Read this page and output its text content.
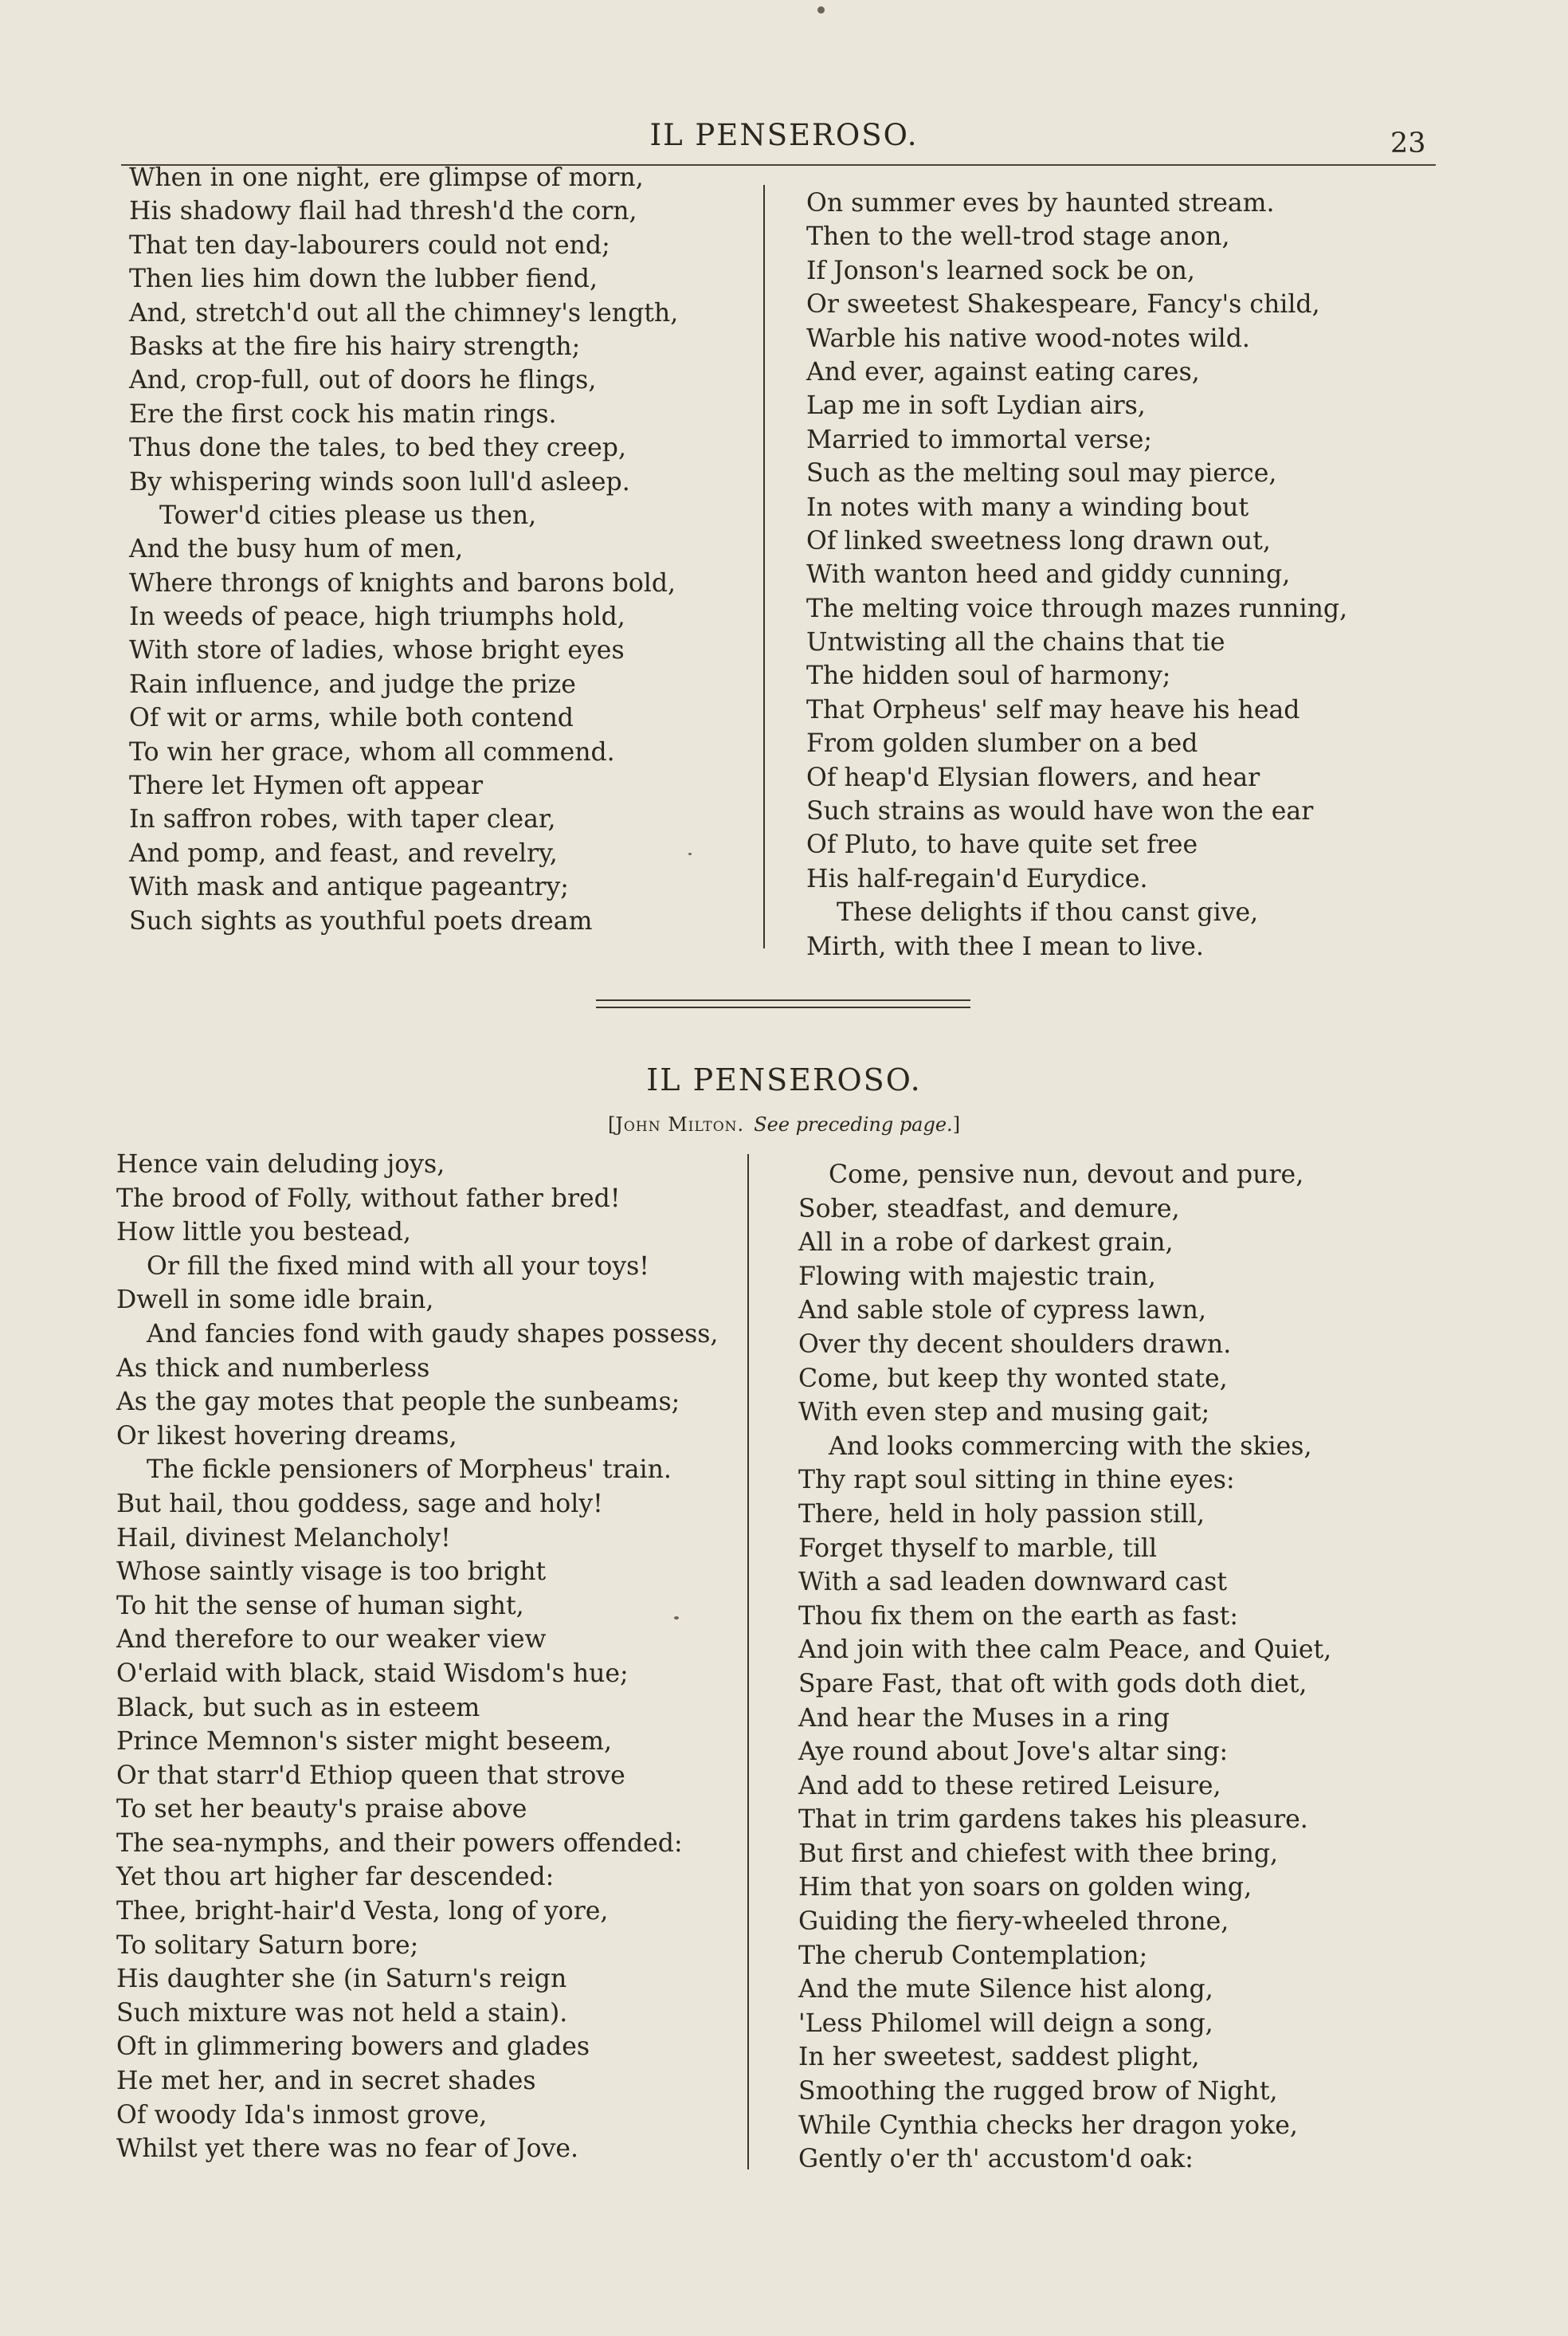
IL PENSEROSO.	23
When in one night, ere glimpse of morn,
His shadowy flail had thresh'd the corn,
That ten day-labourers could not end;
Then lies him down the lubber fiend,
And, stretch'd out all the chimney's length,
Basks at the fire his hairy strength;
And, crop-full, out of doors he flings,
Ere the first cock his matin rings.
Thus done the tales, to bed they creep,
By whispering winds soon lull'd asleep.
Tower'd cities please us then,
And the busy hum of men,
Where throngs of knights and barons bold,
In weeds of peace, high triumphs hold,
With store of ladies, whose bright eyes
Rain influence, and judge the prize
Of wit or arms, while both contend
To win her grace, whom all commend.
There let Hymen oft appear
In saffron robes, with taper clear,
And pomp, and feast, and revelry,
With mask and antique pageantry;
Such sights as youthful poets dream
On summer eves by haunted stream.
Then to the well-trod stage anon,
If Jonson's learned sock be on,
Or sweetest Shakespeare, Fancy's child,
Warble his native wood-notes wild.
And ever, against eating cares,
Lap me in soft Lydian airs,
Married to immortal verse;
Such as the melting soul may pierce,
In notes with many a winding bout
Of linked sweetness long drawn out,
With wanton heed and giddy cunning,
The melting voice through mazes running,
Untwisting all the chains that tie
The hidden soul of harmony;
That Orpheus' self may heave his head
From golden slumber on a bed
Of heap'd Elysian flowers, and hear
Such strains as would have won the ear
Of Pluto, to have quite set free
His half-regain'd Eurydice.
These delights if thou canst give,
Mirth, with thee I mean to live.
IL PENSEROSO.
[John Milton. See preceding page.]
Hence vain deluding joys,
The brood of Folly, without father bred!
How little you bestead,
Or fill the fixed mind with all your toys!
Dwell in some idle brain,
And fancies fond with gaudy shapes possess,
As thick and numberless
As the gay motes that people the sunbeams;
Or likest hovering dreams,
The fickle pensioners of Morpheus' train.
But hail, thou goddess, sage and holy!
Hail, divinest Melancholy!
Whose saintly visage is too bright
To hit the sense of human sight,
And therefore to our weaker view
O'erlaid with black, staid Wisdom's hue;
Black, but such as in esteem
Prince Memnon's sister might beseem,
Or that starr'd Ethiop queen that strove
To set her beauty's praise above
The sea-nymphs, and their powers offended:
Yet thou art higher far descended:
Thee, bright-hair'd Vesta, long of yore,
To solitary Saturn bore;
His daughter she (in Saturn's reign
Such mixture was not held a stain).
Oft in glimmering bowers and glades
He met her, and in secret shades
Of woody Ida's inmost grove,
Whilst yet there was no fear of Jove.
Come, pensive nun, devout and pure,
Sober, steadfast, and demure,
All in a robe of darkest grain,
Flowing with majestic train,
And sable stole of cypress lawn,
Over thy decent shoulders drawn.
Come, but keep thy wonted state,
With even step and musing gait;
And looks commercing with the skies,
Thy rapt soul sitting in thine eyes:
There, held in holy passion still,
Forget thyself to marble, till
With a sad leaden downward cast
Thou fix them on the earth as fast:
And join with thee calm Peace, and Quiet,
Spare Fast, that oft with gods doth diet,
And hear the Muses in a ring
Aye round about Jove's altar sing:
And add to these retired Leisure,
That in trim gardens takes his pleasure.
But first and chiefest with thee bring,
Him that yon soars on golden wing,
Guiding the fiery-wheeled throne,
The cherub Contemplation;
And the mute Silence hist along,
'Less Philomel will deign a song,
In her sweetest, saddest plight,
Smoothing the rugged brow of Night,
While Cynthia checks her dragon yoke,
Gently o'er th' accustom'd oak:
